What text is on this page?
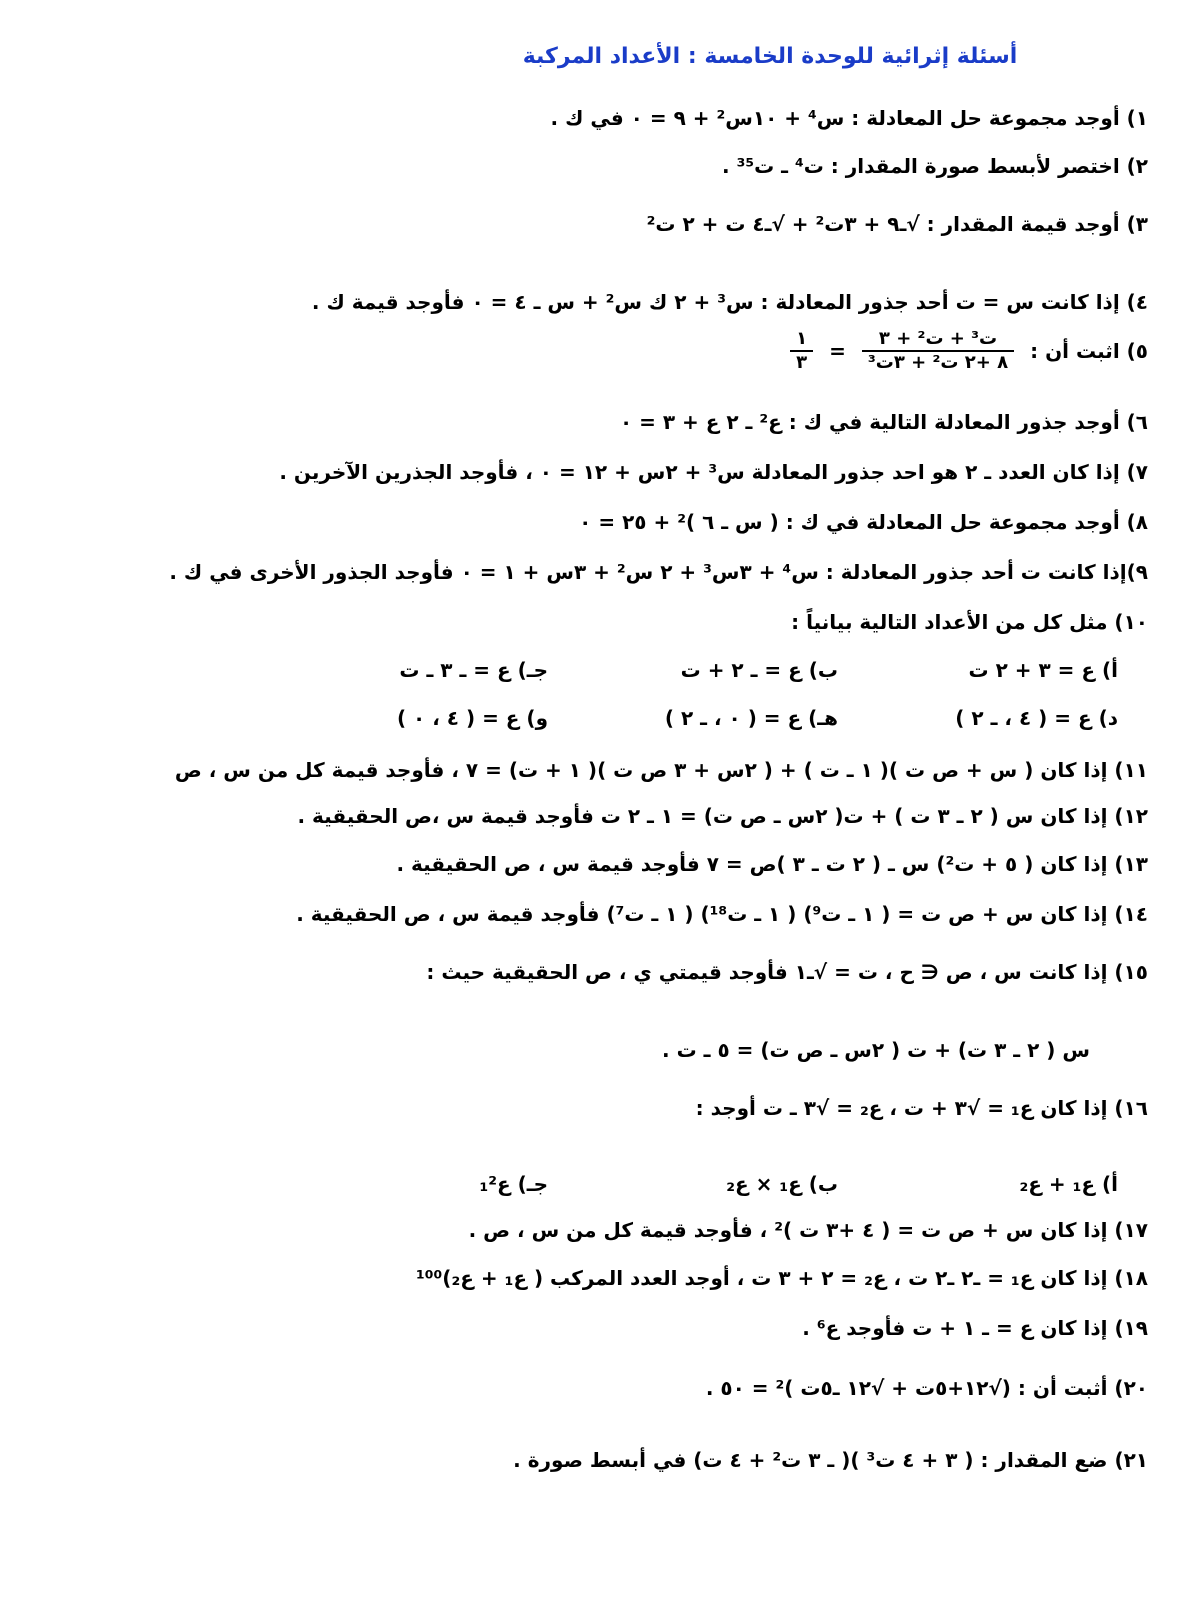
أسئلة إثرائية للوحدة الخامسة : الأعداد المركبة
١) أوجد مجموعة حل المعادلة : س⁴ + ١٠س² + ٩ = ٠ في ك .
٢) اختصر لأبسط صورة المقدار : ت⁴ ـ ت³⁵ .
٣) أوجد قيمة المقدار : √ـ٩ + ٣ت² + √ـ٤ ت + ٢ ت²
٤) إذا كانت س = ت أحد جذور المعادلة : س³ + ٢ ك س² + س ـ ٤ = ٠ فأوجد قيمة ك .
٥) اثبت أن :
$\frac{\text{ت³ + ت² + ٣}}{\text{٨ +٢ ت² + ٣ت³}}$
=
$\frac{١}{٣}$
٦) أوجد جذور المعادلة التالية في ك : ع² ـ ٢ ع + ٣ = ٠
٧) إذا كان العدد ـ ٢ هو احد جذور المعادلة س³ + ٢س + ١٢ = ٠ ، فأوجد الجذرين الآخرين .
٨) أوجد مجموعة حل المعادلة في ك : ( س ـ ٦ )² + ٢٥ = ٠
٩)إذا كانت ت أحد جذور المعادلة : س⁴ + ٣س³ + ٢ س² + ٣س + ١ = ٠ فأوجد الجذور الأخرى في ك .
١٠) مثل كل من الأعداد التالية بيانياً :
أ) ع = ٣ + ٢ ت
ب) ع = ـ ٢ + ت
جـ) ع = ـ ٣ ـ ت
د) ع = ( ٤ ، ـ ٢ )
هـ) ع = ( ٠ ، ـ ٢ )
و) ع = ( ٤ ، ٠ )
١١) إذا كان ( س + ص ت )( ١ ـ ت ) + ( ٢س + ٣ ص ت )( ١ + ت) = ٧ ، فأوجد قيمة كل من س ، ص
١٢) إذا كان س ( ٢ ـ ٣ ت ) + ت( ٢س ـ ص ت) = ١ ـ ٢ ت فأوجد قيمة س ،ص الحقيقية .
١٣) إذا كان ( ٥ + ت²) س ـ ( ٢ ت ـ ٣ )ص = ٧ فأوجد قيمة س ، ص الحقيقية .
١٤) إذا كان س + ص ت = ( ١ ـ ت⁹) ( ١ ـ ت¹⁸) ( ١ ـ ت⁷) فأوجد قيمة س ، ص الحقيقية .
١٥) إذا كانت س ، ص ∈ ح ، ت = √ـ١ فأوجد قيمتي ي ، ص الحقيقية حيث :
س ( ٢ ـ ٣ ت) + ت ( ٢س ـ ص ت) = ٥ ـ ت .
١٦) إذا كان ع₁ = √٣ + ت ، ع₂ = √٣ ـ ت أوجد :
أ) ع₁ + ع₂
ب) ع₁ × ع₂
جـ) ع₁²
١٧) إذا كان س + ص ت = ( ٤ +٣ ت )² ، فأوجد قيمة كل من س ، ص .
١٨) إذا كان ع₁ = ـ٢ ـ٢ ت ، ع₂ = ٢ + ٣ ت ، أوجد العدد المركب ( ع₁ + ع₂)¹⁰⁰
١٩) إذا كان ع = ـ ١ + ت فأوجد ع⁶ .
٢٠) أثبت أن : (√١٢+٥ت + √١٢ ـ٥ت )² = ٥٠ .
٢١) ضع المقدار : ( ٣ + ٤ ت³ )( ـ ٣ ت² + ٤ ت) في أبسط صورة .
